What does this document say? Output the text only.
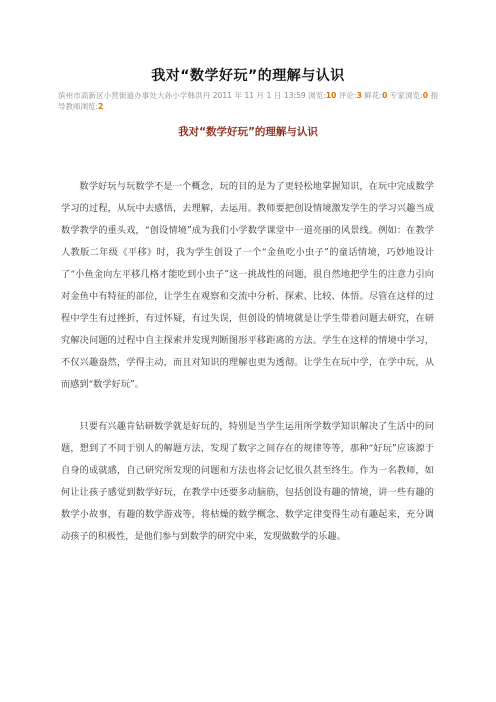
我对“数学好玩”的理解与认识
滨州市高新区小营街道办事处大孙小学韩洪丹 2011 年 11 月 1 日 13:59 浏览:10 评论:3 鲜花:0 专家浏览:0 指导教师浏览:2
我对“数学好玩”的理解与认识

数学好玩与玩数学不是一个概念，玩的目的是为了更轻松地掌握知识，在玩中完成数学学习的过程，从玩中去感悟，去理解，去运用。教师要把创设情境激发学生的学习兴趣当成数学教学的重头戏，“创设情境”成为我们小学数学课堂中一道亮丽的风景线。例如：在教学人教版二年级《平移》时，我为学生创设了一个“金鱼吃小虫子”的童话情境，巧妙地设计了“小鱼金向左平移几格才能吃到小虫子”这一挑战性的问题，很自然地把学生的注意力引向对金鱼中有特征的部位，让学生在观察和交流中分析、探索、比较、体悟。尽管在这样的过程中学生有过挫折，有过怀疑，有过失误，但创设的情境就是让学生带着问题去研究，在研究解决问题的过程中自主探索并发现判断图形平移距离的方法。学生在这样的情境中学习，不仅兴趣盎然，学得主动，而且对知识的理解也更为透彻。让学生在玩中学，在学中玩，从而感到“数学好玩”。

只要有兴趣肯钻研数学就是好玩的，特别是当学生运用所学数学知识解决了生活中的问题，想到了不同于别人的解题方法，发现了数字之间存在的规律等等，那种“好玩”应该源于自身的成就感，自己研究所发现的问题和方法也将会记忆很久甚至终生。作为一名教师，如何让让孩子感觉到数学好玩，在教学中还要多动脑筋，包括创设有趣的情境，讲一些有趣的数学小故事，有趣的数学游戏等，将枯燥的数学概念、数学定律变得生动有趣起来，充分调动孩子的积极性，是他们参与到数学的研究中来，发现做数学的乐趣。
